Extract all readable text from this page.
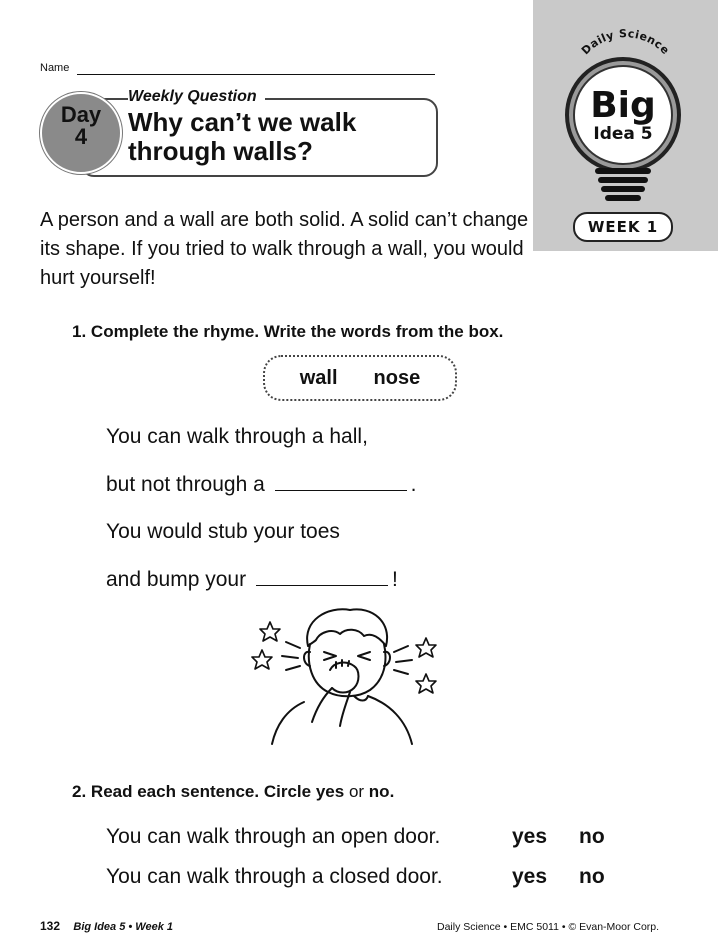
Daily Science
Big
Idea 5
WEEK 1
Name
Weekly Question
Why can’t we walk through walls?
Day
4
A person and a wall are both solid. A solid can’t change its shape. If you tried to walk through a wall, you would hurt yourself!
1. Complete the rhyme. Write the words from the box.
wall nose
You can walk through a hall,
but not through a	.
You would stub your toes
and bump your	!
2. Read each sentence. Circle yes or no.
You can walk through an open door.	yes no
You can walk through a closed door.	yes no
132 Big Idea 5 • Week 1	Daily Science • EMC 5011 • © Evan-Moor Corp.
